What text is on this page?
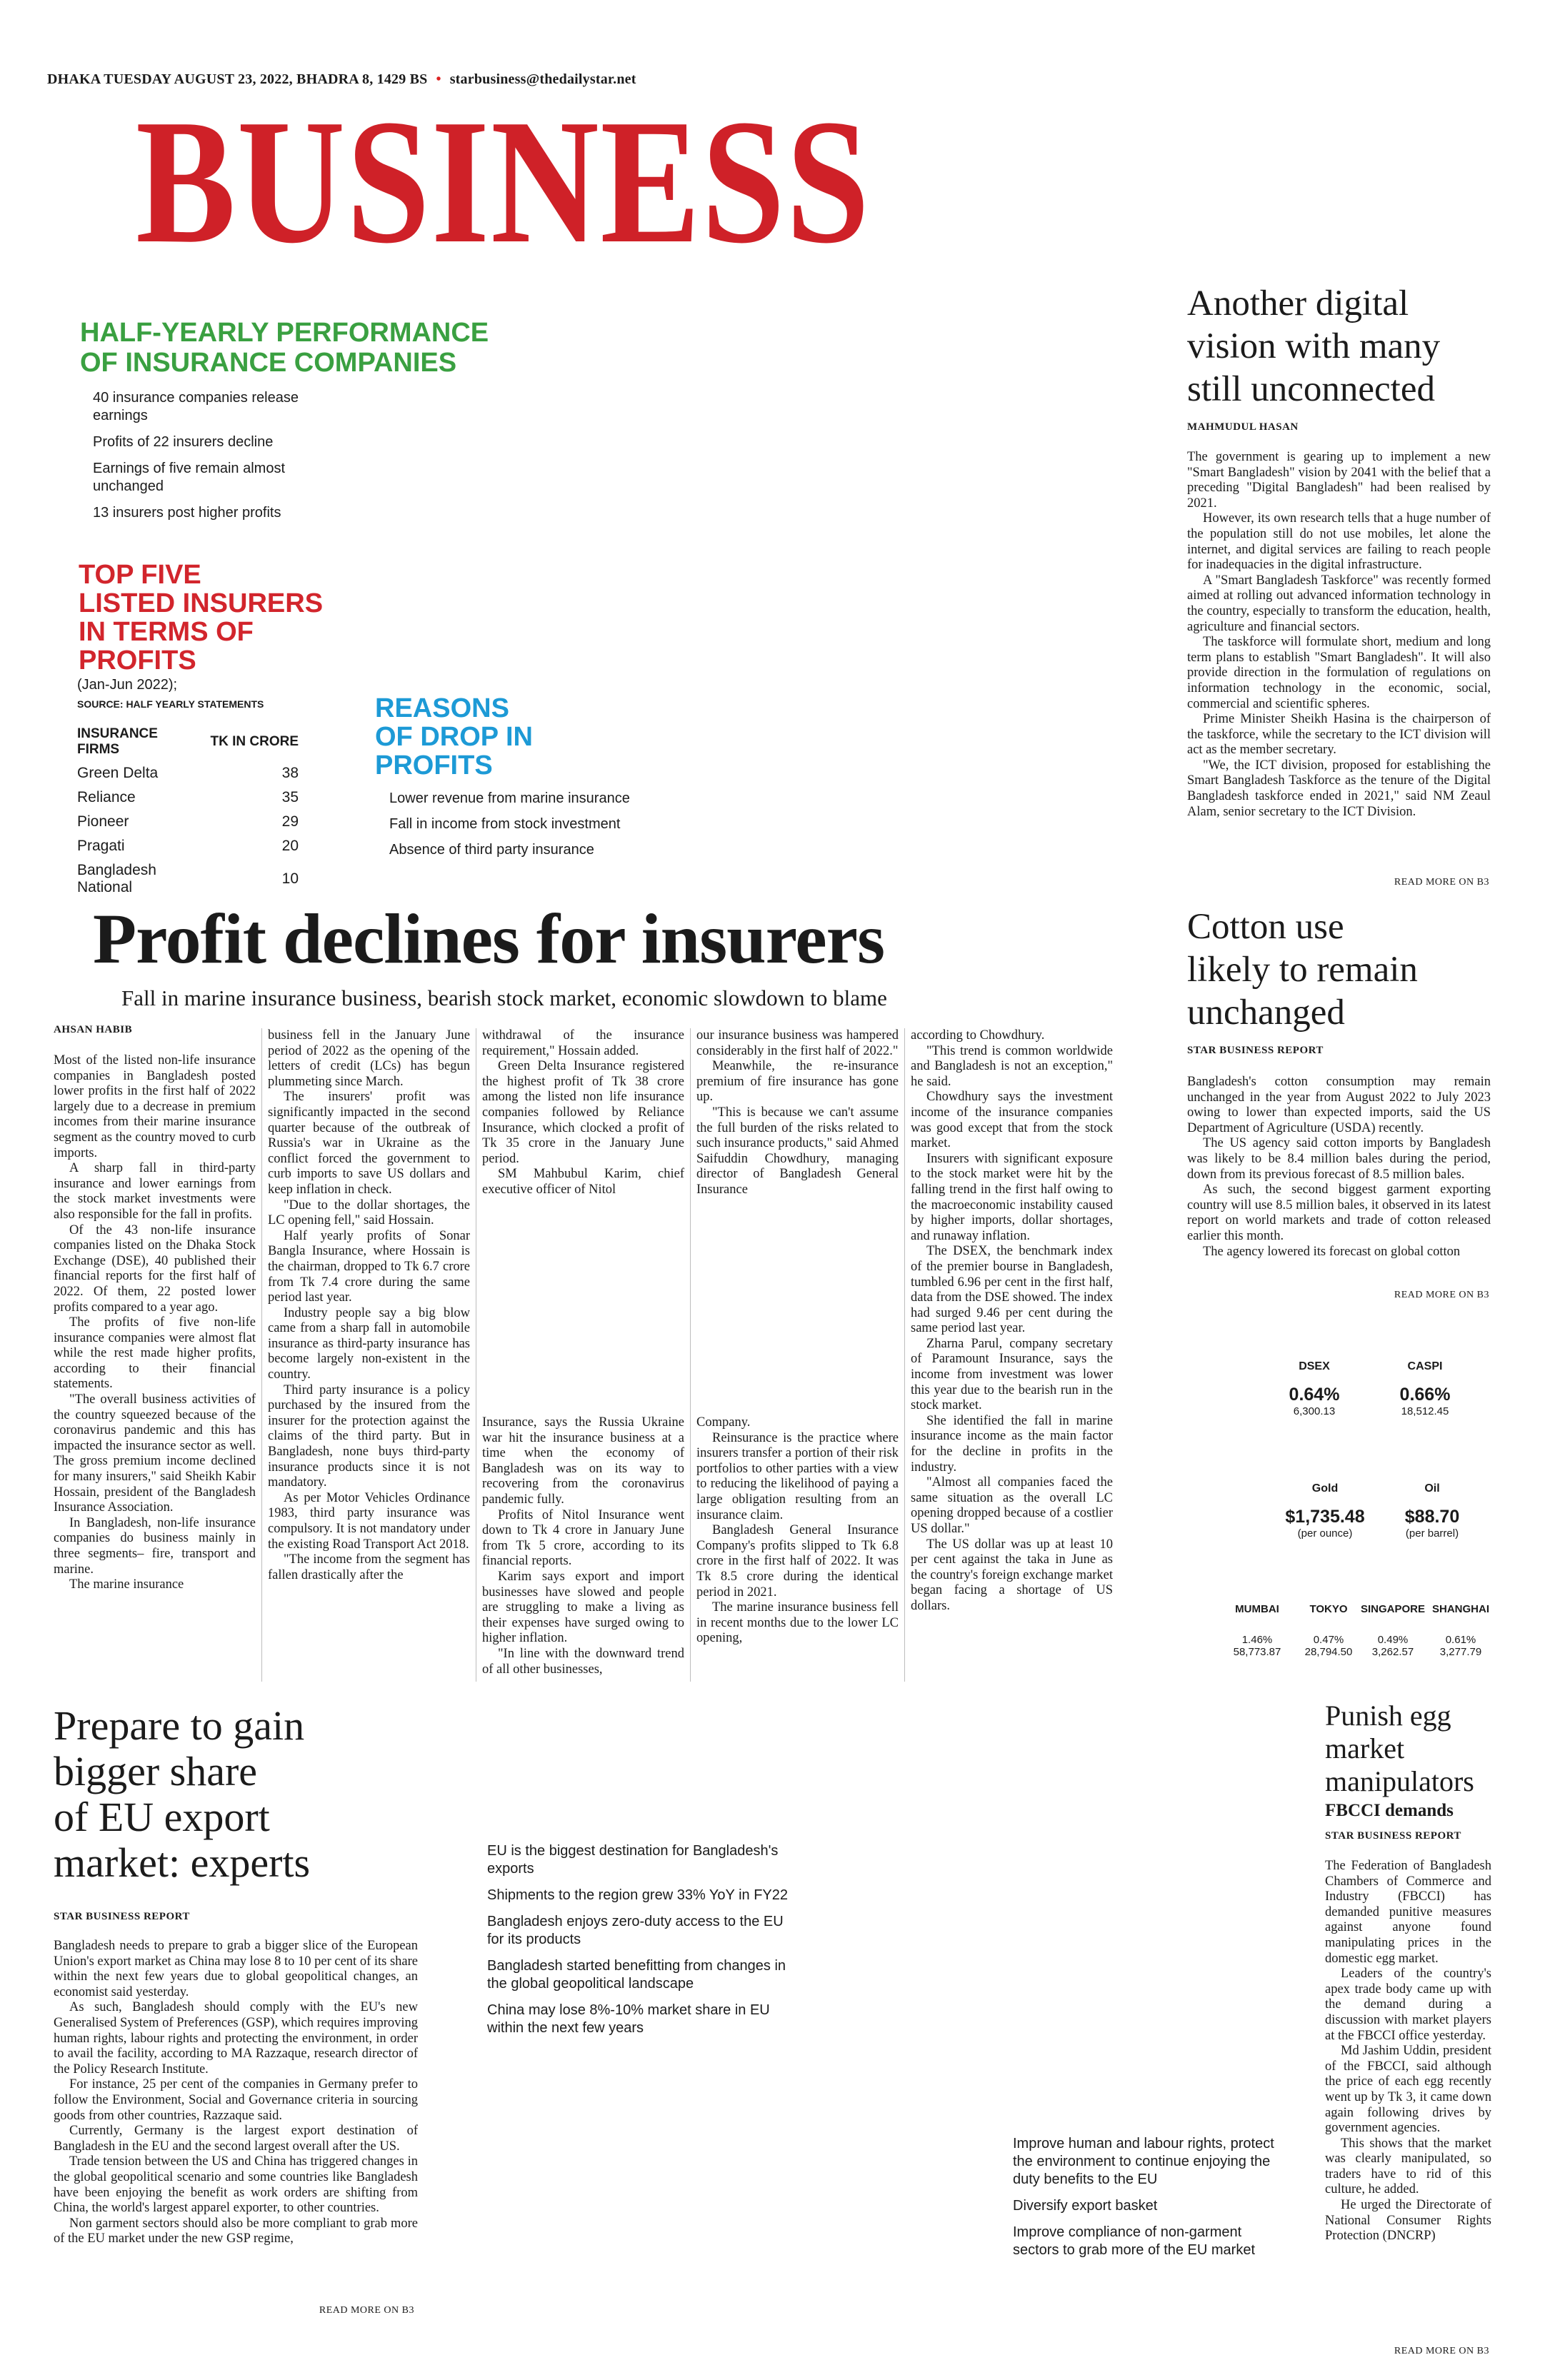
DHAKA TUESDAY AUGUST 23, 2022, BHADRA 8, 1429 BS • starbusiness@thedailystar.net
BUSINESS
HALF-YEARLY PERFORMANCE
OF INSURANCE COMPANIES
40 insurance companies release earnings
Profits of 22 insurers decline
Earnings of five remain almost unchanged
13 insurers post higher profits
TOP FIVE
LISTED INSURERS
IN TERMS OF
PROFITS
(Jan-Jun 2022);
SOURCE: HALF YEARLY STATEMENTS
INSURANCE FIRMS	TK IN CRORE
Green Delta	38
Reliance	35
Pioneer	29
Pragati	20
Bangladesh National	10
REASONS
OF DROP IN
PROFITS
Lower revenue from marine insurance
Fall in income from stock investment
Absence of third party insurance
Profit declines for insurers
Fall in marine insurance business, bearish stock market, economic slowdown to blame
AHSAN HABIB

Most of the listed non-life insurance companies in Bangladesh posted lower profits in the first half of 2022 largely due to a decrease in premium incomes from their marine insurance segment as the country moved to curb imports.

A sharp fall in third-party insurance and lower earnings from the stock market investments were also responsible for the fall in profits.

Of the 43 non-life insurance companies listed on the Dhaka Stock Exchange (DSE), 40 published their financial reports for the first half of 2022. Of them, 22 posted lower profits compared to a year ago.

The profits of five non-life insurance companies were almost flat while the rest made higher profits, according to their financial statements.

"The overall business activities of the country squeezed because of the coronavirus pandemic and this has impacted the insurance sector as well. The gross premium income declined for many insurers," said Sheikh Kabir Hossain, president of the Bangladesh Insurance Association.

In Bangladesh, non-life insurance companies do business mainly in three segments– fire, transport and marine.

The marine insurance

business fell in the January June period of 2022 as the opening of the letters of credit (LCs) has begun plummeting since March.

The insurers' profit was significantly impacted in the second quarter because of the outbreak of Russia's war in Ukraine as the conflict forced the government to curb imports to save US dollars and keep inflation in check.

"Due to the dollar shortages, the LC opening fell," said Hossain.

Half yearly profits of Sonar Bangla Insurance, where Hossain is the chairman, dropped to Tk 6.7 crore from Tk 7.4 crore during the same period last year.

Industry people say a big blow came from a sharp fall in automobile insurance as third-party insurance has become largely non-existent in the country.

Third party insurance is a policy purchased by the insured from the insurer for the protection against the claims of the third party. But in Bangladesh, none buys third-party insurance products since it is not mandatory.

As per Motor Vehicles Ordinance 1983, third party insurance was compulsory. It is not mandatory under the existing Road Transport Act 2018.

"The income from the segment has fallen drastically after the

withdrawal of the insurance requirement," Hossain added.

Green Delta Insurance registered the highest profit of Tk 38 crore among the listed non life insurance companies followed by Reliance Insurance, which clocked a profit of Tk 35 crore in the January June period.

SM Mahbubul Karim, chief executive officer of Nitol

Insurance, says the Russia Ukraine war hit the insurance business at a time when the economy of Bangladesh was on its way to recovering from the coronavirus pandemic fully.

Profits of Nitol Insurance went down to Tk 4 crore in January June from Tk 5 crore, according to its financial reports.

Karim says export and import businesses have slowed and people are struggling to make a living as their expenses have surged owing to higher inflation.

"In line with the downward trend of all other businesses,

our insurance business was hampered considerably in the first half of 2022."

Meanwhile, the re-insurance premium of fire insurance has gone up.

"This is because we can't assume the full burden of the risks related to such insurance products," said Ahmed Saifuddin Chowdhury, managing director of Bangladesh General Insurance

Company.

Reinsurance is the practice where insurers transfer a portion of their risk portfolios to other parties with a view to reducing the likelihood of paying a large obligation resulting from an insurance claim.

Bangladesh General Insurance Company's profits slipped to Tk 6.8 crore in the first half of 2022. It was Tk 8.5 crore during the identical period in 2021.

The marine insurance business fell in recent months due to the lower LC opening,

according to Chowdhury.

"This trend is common worldwide and Bangladesh is not an exception," he said.

Chowdhury says the investment income of the insurance companies was good except that from the stock market.

Insurers with significant exposure to the stock market were hit by the falling trend in the first half owing to the macroeconomic instability caused by higher imports, dollar shortages, and runaway inflation.

The DSEX, the benchmark index of the premier bourse in Bangladesh, tumbled 6.96 per cent in the first half, data from the DSE showed. The index had surged 9.46 per cent during the same period last year.

Zharna Parul, company secretary of Paramount Insurance, says the income from investment was lower this year due to the bearish run in the stock market.

She identified the fall in marine insurance income as the main factor for the decline in profits in the industry.

"Almost all companies faced the same situation as the overall LC opening dropped because of a costlier US dollar."

The US dollar was up at least 10 per cent against the taka in June as the country's foreign exchange market began facing a shortage of US dollars.

Another digital
vision with many
still unconnected
MAHMUDUL HASAN

The government is gearing up to implement a new "Smart Bangladesh" vision by 2041 with the belief that a preceding "Digital Bangladesh" had been realised by 2021.

However, its own research tells that a huge number of the population still do not use mobiles, let alone the internet, and digital services are failing to reach people for inadequacies in the digital infrastructure.

A "Smart Bangladesh Taskforce" was recently formed aimed at rolling out advanced information technology in the country, especially to transform the education, health, agriculture and financial sectors.

The taskforce will formulate short, medium and long term plans to establish "Smart Bangladesh". It will also provide direction in the formulation of regulations on information technology in the economic, social, commercial and scientific spheres.

Prime Minister Sheikh Hasina is the chairperson of the taskforce, while the secretary to the ICT division will act as the member secretary.

"We, the ICT division, proposed for establishing the Smart Bangladesh Taskforce as the tenure of the Digital Bangladesh taskforce ended in 2021," said NM Zeaul Alam, senior secretary to the ICT Division.

READ MORE ON B3
Cotton use
likely to remain
unchanged
STAR BUSINESS REPORT

Bangladesh's cotton consumption may remain unchanged in the year from August 2022 to July 2023 owing to lower than expected imports, said the US Department of Agriculture (USDA) recently.

The US agency said cotton imports by Bangladesh was likely to be 8.4 million bales during the period, down from its previous forecast of 8.5 million bales.

As such, the second biggest garment exporting country will use 8.5 million bales, it observed in its latest report on world markets and trade of cotton released earlier this month.

The agency lowered its forecast on global cotton

READ MORE ON B3
DSEX
0.64%
6,300.13
CASPI
0.66%
18,512.45
Gold
$1,735.48
(per ounce)
Oil
$88.70
(per barrel)
MUMBAI
1.46%
58,773.87
TOKYO
0.47%
28,794.50
SINGAPORE
0.49%
3,262.57
SHANGHAI
0.61%
3,277.79
Prepare to gain
bigger share
of EU export
market: experts
STAR BUSINESS REPORT

Bangladesh needs to prepare to grab a bigger slice of the European Union's export market as China may lose 8 to 10 per cent of its share within the next few years due to global geopolitical changes, an economist said yesterday.

As such, Bangladesh should comply with the EU's new Generalised System of Preferences (GSP), which requires improving human rights, labour rights and protecting the environment, in order to avail the facility, according to MA Razzaque, research director of the Policy Research Institute.

For instance, 25 per cent of the companies in Germany prefer to follow the Environment, Social and Governance criteria in sourcing goods from other countries, Razzaque said.

Currently, Germany is the largest export destination of Bangladesh in the EU and the second largest overall after the US.

Trade tension between the US and China has triggered changes in the global geopolitical scenario and some countries like Bangladesh have been enjoying the benefit as work orders are shifting from China, the world's largest apparel exporter, to other countries.

Non garment sectors should also be more compliant to grab more of the EU market under the new GSP regime,

READ MORE ON B3
EU is the biggest destination for Bangladesh's exports
Shipments to the region grew 33% YoY in FY22
Bangladesh enjoys zero-duty access to the EU for its products
Bangladesh started benefitting from changes in the global geopolitical landscape
China may lose 8%-10% market share in EU within the next few years
Improve human and labour rights, protect the environment to continue enjoying the duty benefits to the EU
Diversify export basket
Improve compliance of non-garment sectors to grab more of the EU market
Punish egg
market
manipulators
FBCCI demands
STAR BUSINESS REPORT

The Federation of Bangladesh Chambers of Commerce and Industry (FBCCI) has demanded punitive measures against anyone found manipulating prices in the domestic egg market.

Leaders of the country's apex trade body came up with the demand during a discussion with market players at the FBCCI office yesterday.

Md Jashim Uddin, president of the FBCCI, said although the price of each egg recently went up by Tk 3, it came down again following drives by government agencies.

This shows that the market was clearly manipulated, so traders have to rid of this culture, he added.

He urged the Directorate of National Consumer Rights Protection (DNCRP)

READ MORE ON B3
